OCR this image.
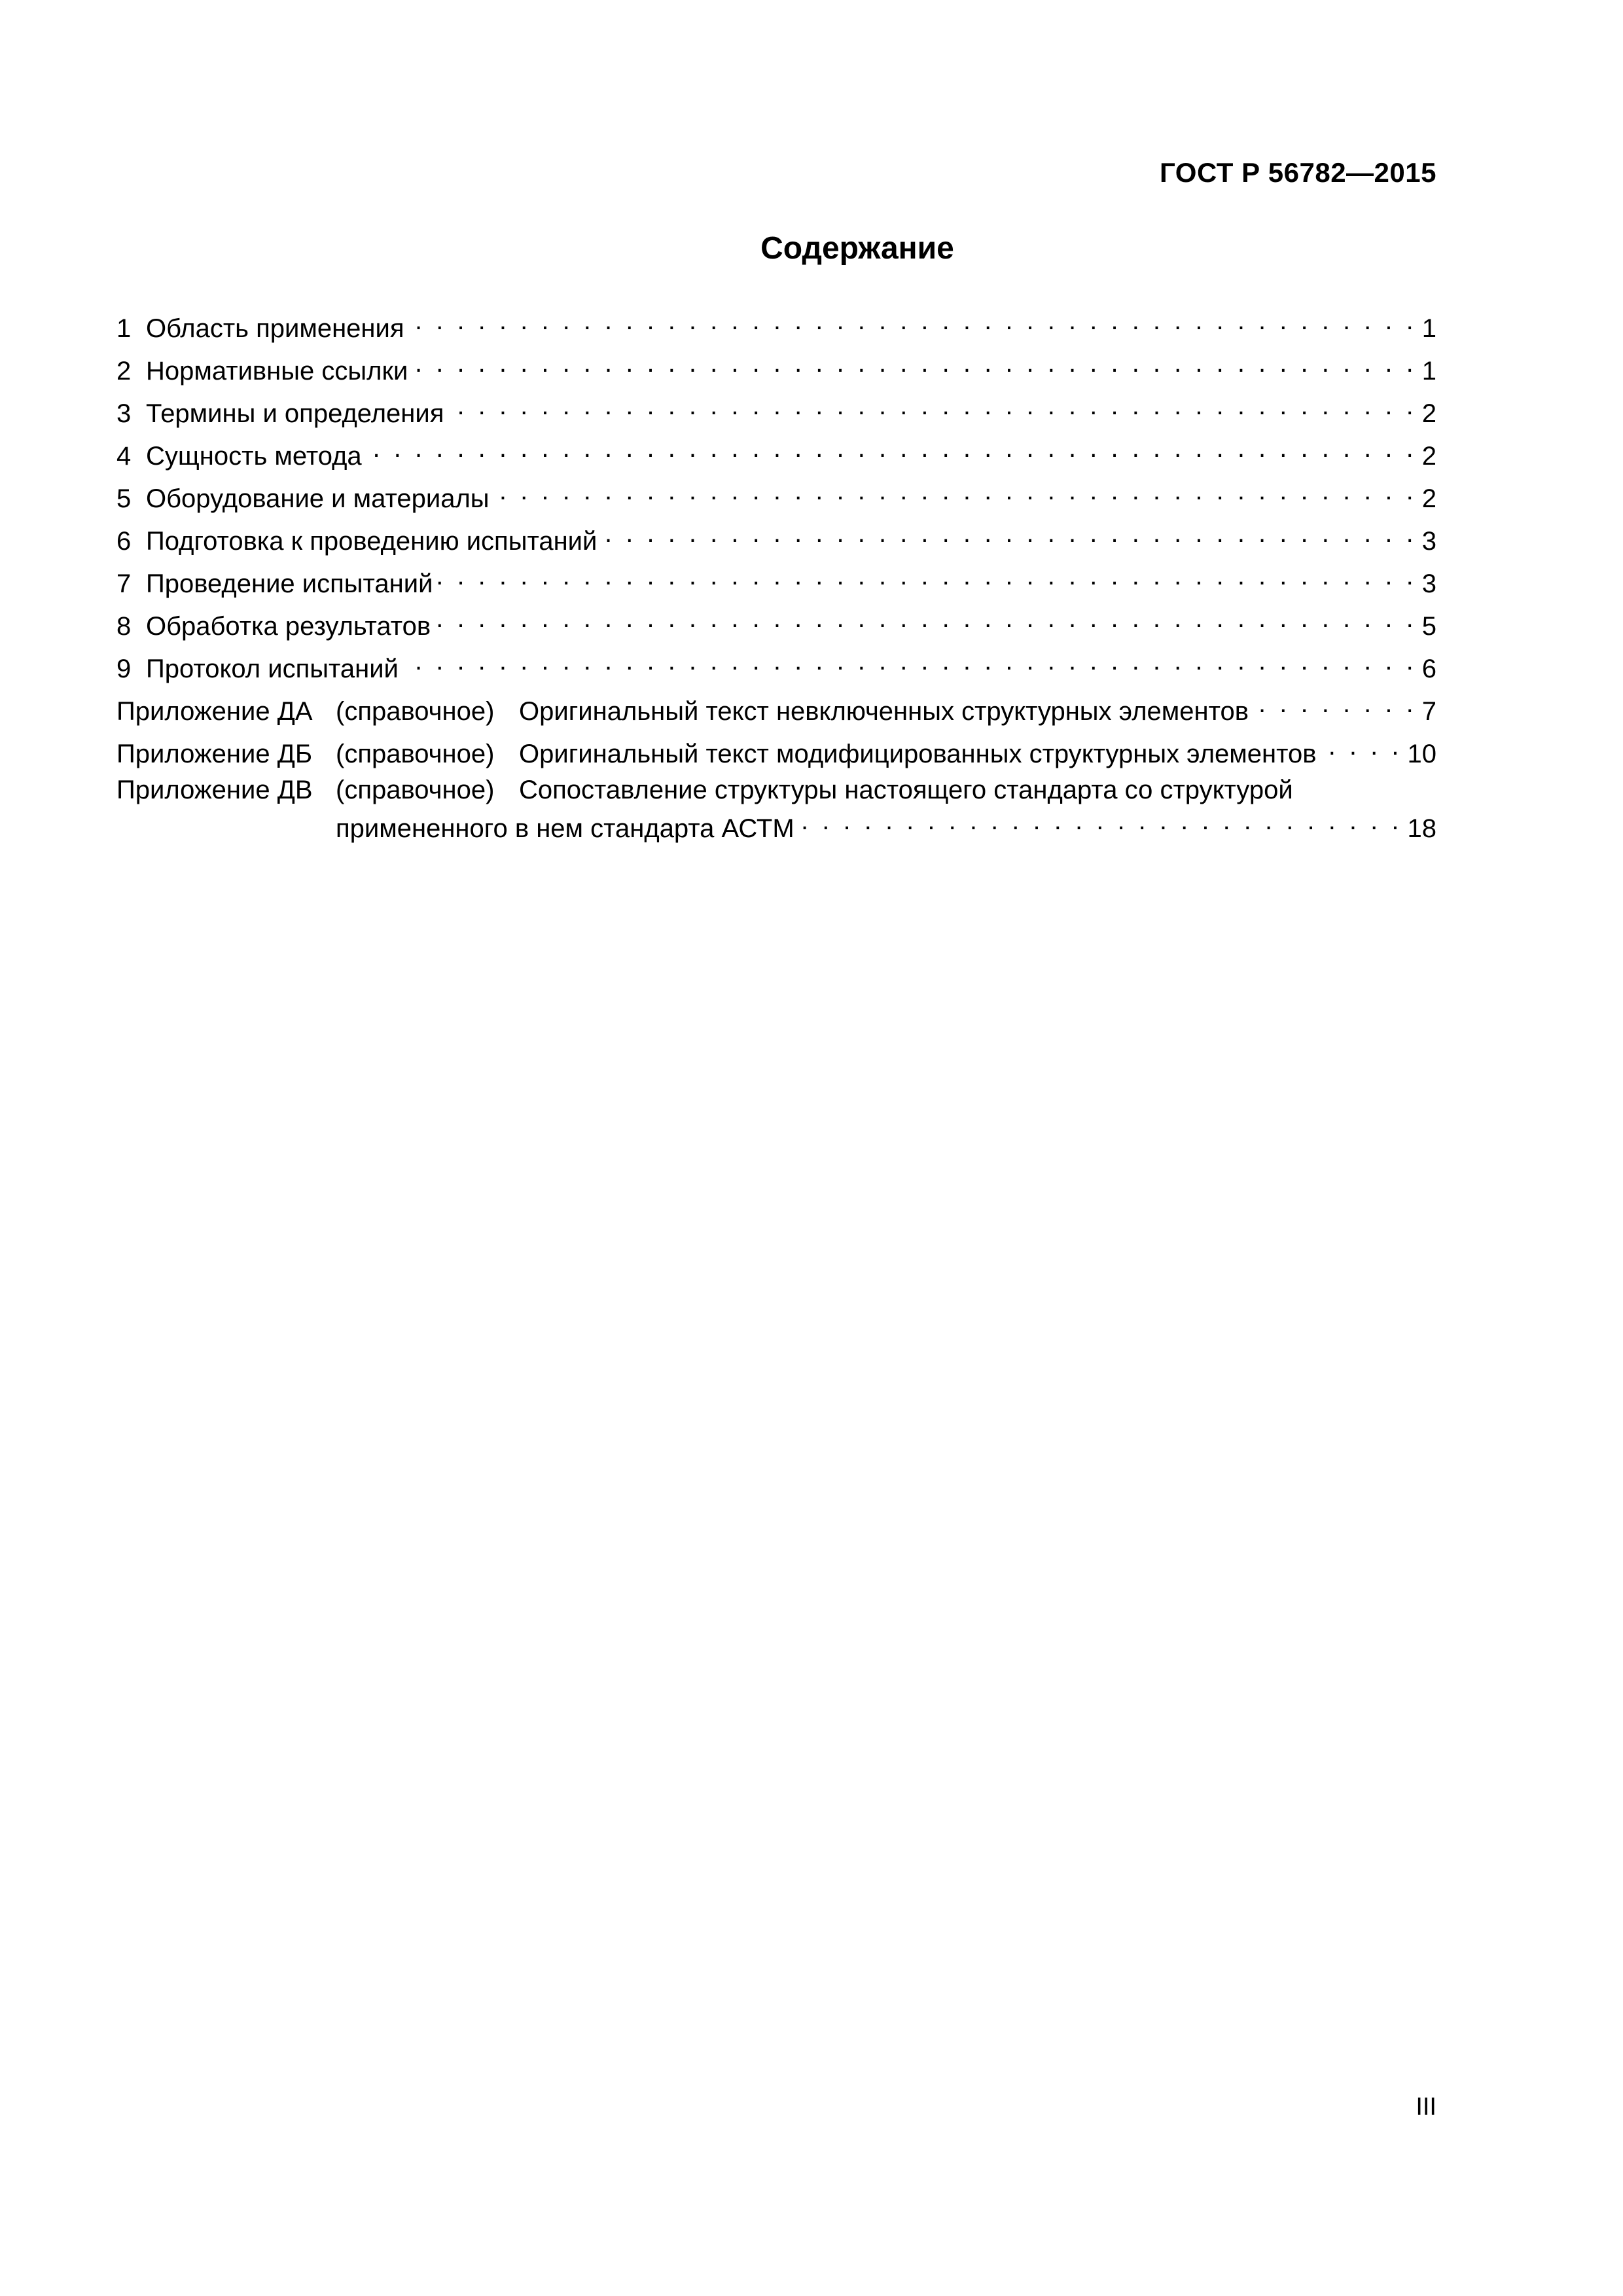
ГОСТ Р 56782—2015
Содержание
1 Область применения . . .	1
2 Нормативные ссылки . . .	1
3 Термины и определения . . .	2
4 Сущность метода . . .	2
5 Оборудование и материалы . . .	2
6 Подготовка к проведению испытаний . . .	3
7 Проведение испытаний . . .	3
8 Обработка результатов . . .	5
9 Протокол испытаний . . .	6
Приложение ДА (справочное) Оригинальный текст невключенных структурных элементов . . .	7
Приложение ДБ (справочное) Оригинальный текст модифицированных структурных элементов . . .	10
Приложение ДВ (справочное) Сопоставление структуры настоящего стандарта со структурой
примененного в нем стандарта АСТМ . . .	18
III
